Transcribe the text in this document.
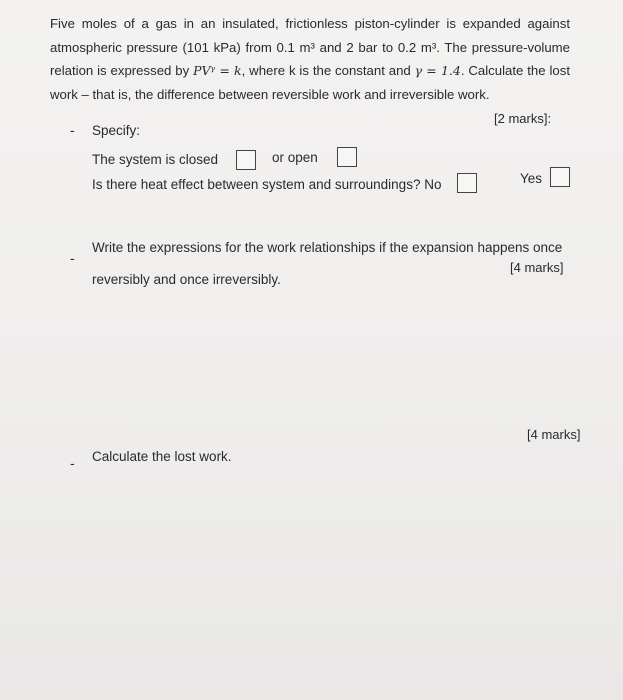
Five moles of a gas in an insulated, frictionless piston-cylinder is expanded against atmospheric pressure (101 kPa) from 0.1 m³ and 2 bar to 0.2 m³. The pressure-volume relation is expressed by PVᵞ = k, where k is the constant and γ = 1.4. Calculate the lost work – that is, the difference between reversible work and irreversible work.

- Specify:
[2 marks]:
The system is closed	or open
Is there heat effect between system and surroundings? No	Yes
-
Write the expressions for the work relationships if the expansion happens once
[4 marks]
reversibly and once irreversibly.
[4 marks]
- Calculate the lost work.
